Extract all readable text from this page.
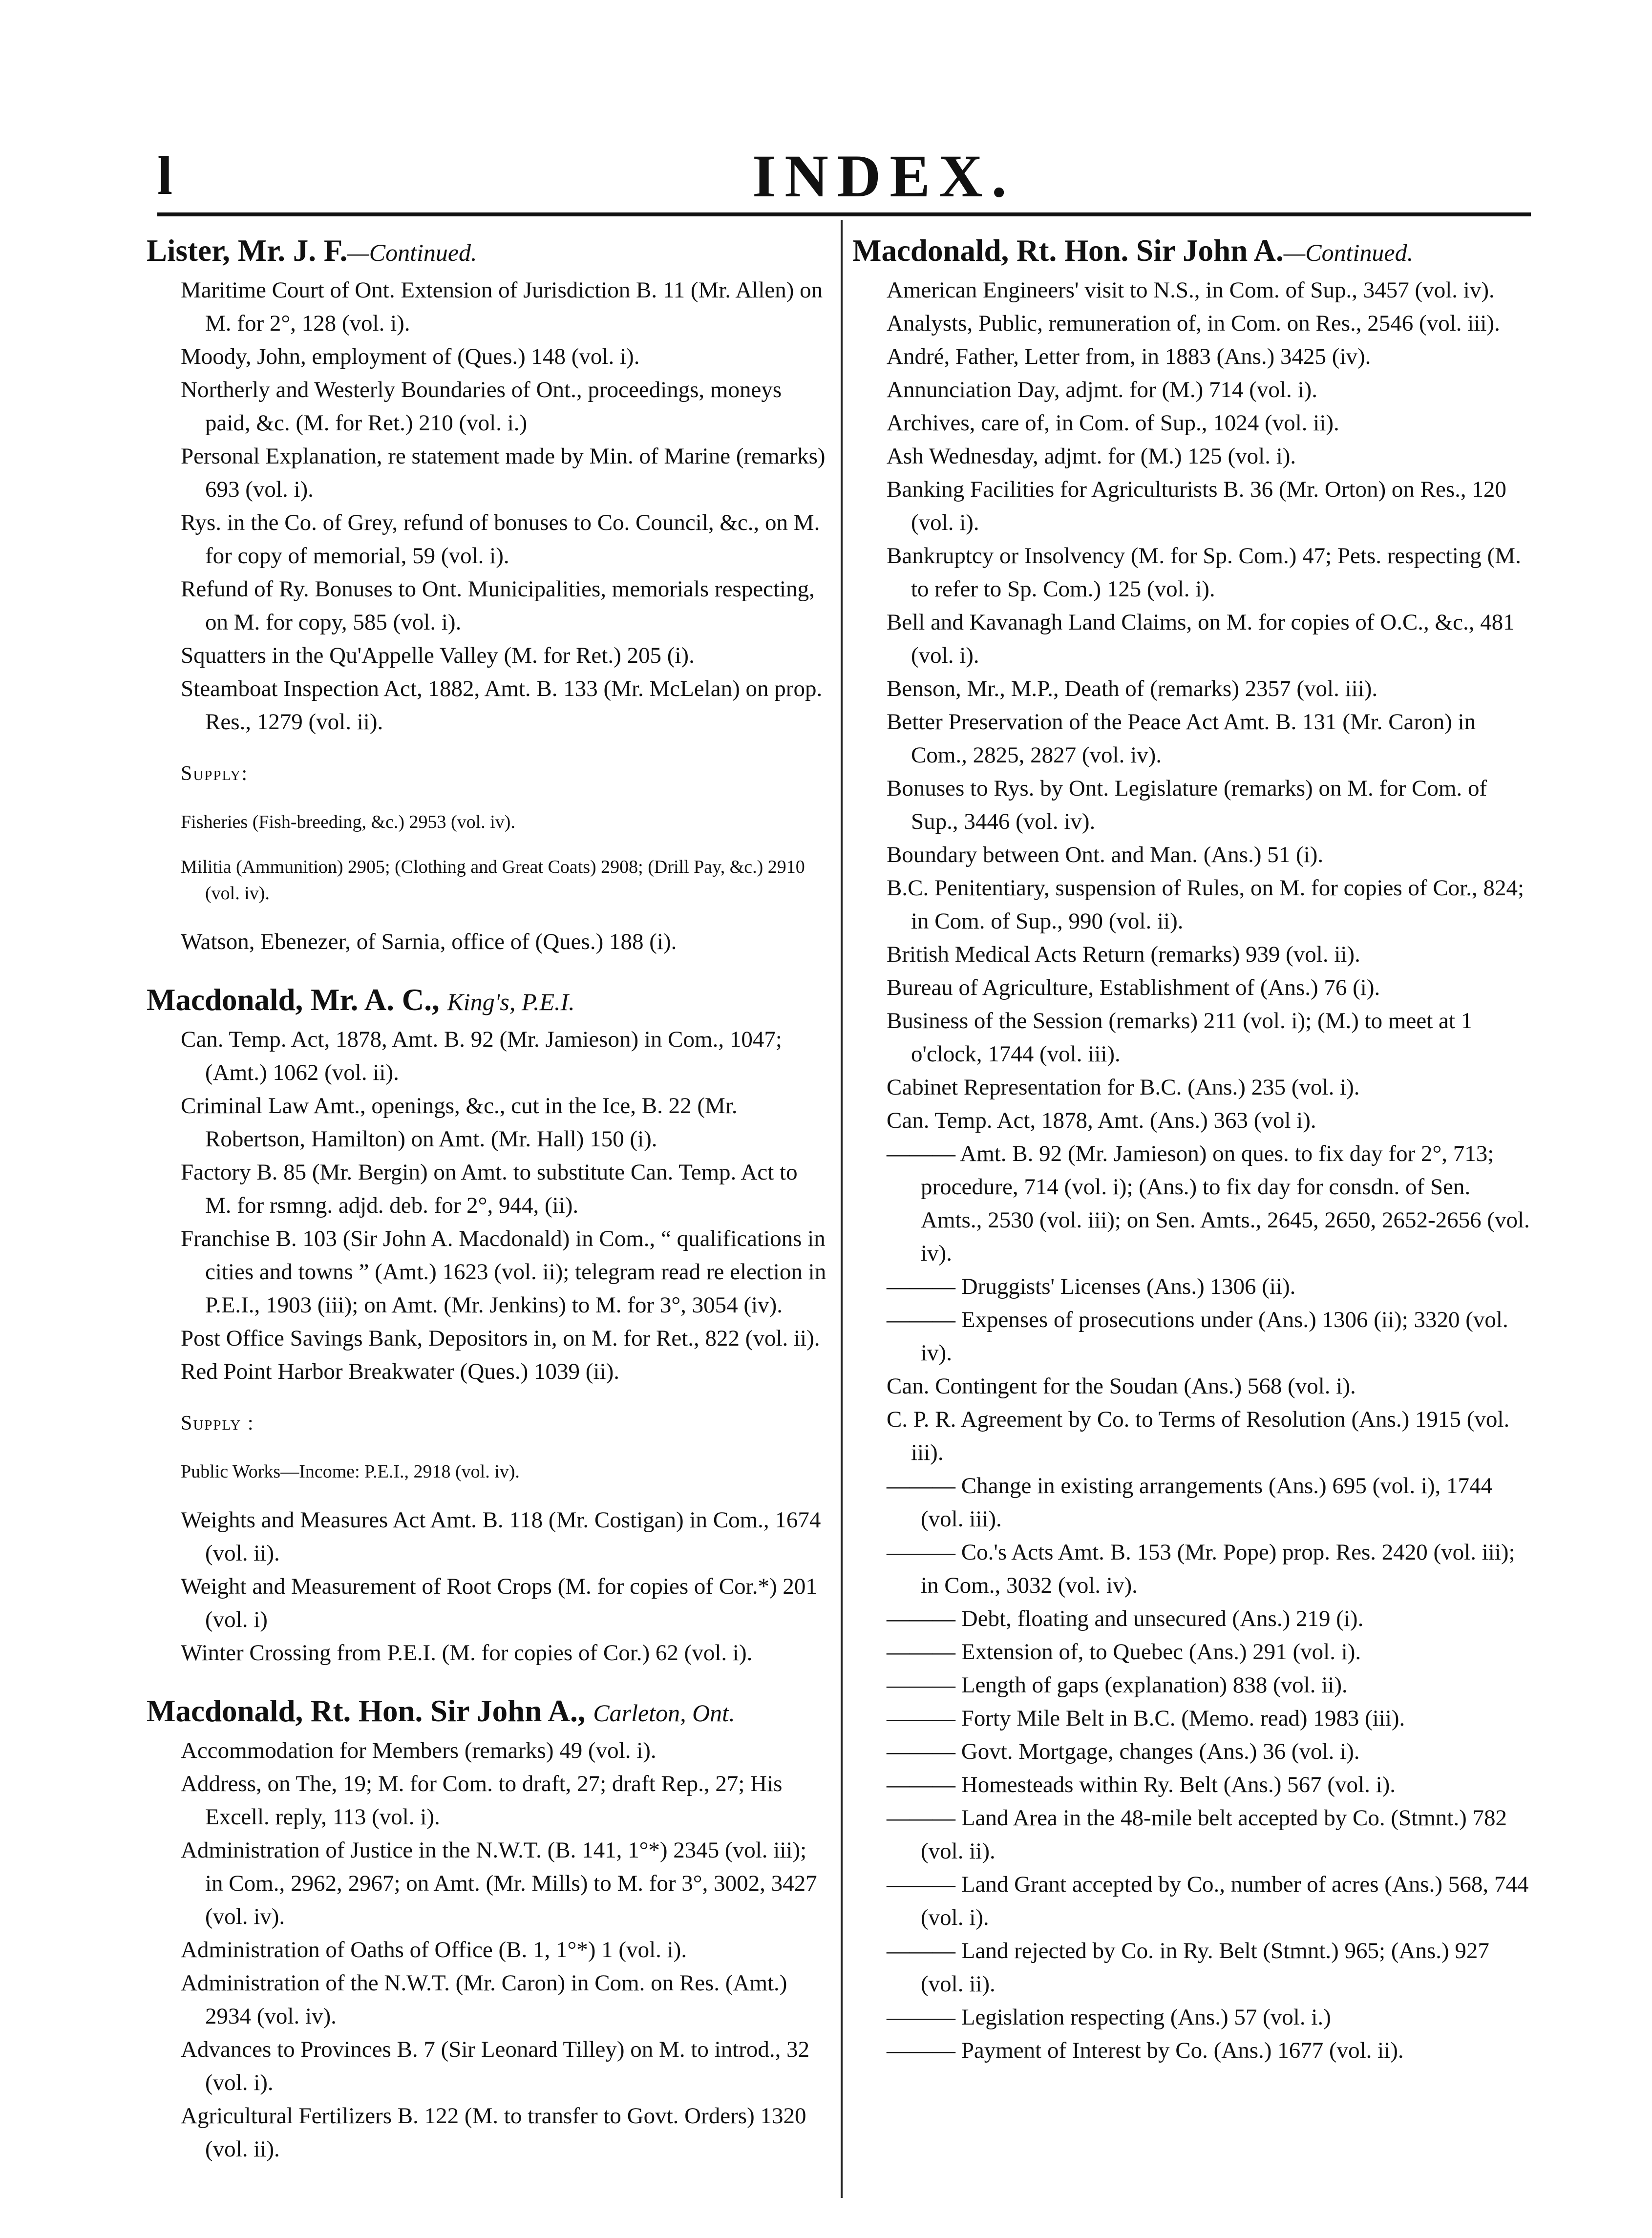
l	INDEX.

Lister, Mr. J. F.—Continued.

Maritime Court of Ont. Extension of Jurisdiction B. 11 (Mr. Allen) on M. for 2°, 128 (vol. i).

Moody, John, employment of (Ques.) 148 (vol. i).

Northerly and Westerly Boundaries of Ont., proceedings, moneys paid, &c. (M. for Ret.) 210 (vol. i.)

Personal Explanation, re statement made by Min. of Marine (remarks) 693 (vol. i).

Rys. in the Co. of Grey, refund of bonuses to Co. Council, &c., on M. for copy of memorial, 59 (vol. i).

Refund of Ry. Bonuses to Ont. Municipalities, memorials respecting, on M. for copy, 585 (vol. i).

Squatters in the Qu'Appelle Valley (M. for Ret.) 205 (i).

Steamboat Inspection Act, 1882, Amt. B. 133 (Mr. McLelan) on prop. Res., 1279 (vol. ii).

Supply:

Fisheries (Fish-breeding, &c.) 2953 (vol. iv).

Militia (Ammunition) 2905; (Clothing and Great Coats) 2908; (Drill Pay, &c.) 2910 (vol. iv).

Watson, Ebenezer, of Sarnia, office of (Ques.) 188 (i).

Macdonald, Mr. A. C., King's, P.E.I.

Can. Temp. Act, 1878, Amt. B. 92 (Mr. Jamieson) in Com., 1047; (Amt.) 1062 (vol. ii).

Criminal Law Amt., openings, &c., cut in the Ice, B. 22 (Mr. Robertson, Hamilton) on Amt. (Mr. Hall) 150 (i).

Factory B. 85 (Mr. Bergin) on Amt. to substitute Can. Temp. Act to M. for rsmng. adjd. deb. for 2°, 944, (ii).

Franchise B. 103 (Sir John A. Macdonald) in Com., “ qualifications in cities and towns ” (Amt.) 1623 (vol. ii); telegram read re election in P.E.I., 1903 (iii); on Amt. (Mr. Jenkins) to M. for 3°, 3054 (iv).

Post Office Savings Bank, Depositors in, on M. for Ret., 822 (vol. ii).

Red Point Harbor Breakwater (Ques.) 1039 (ii).

Supply :

Public Works—Income: P.E.I., 2918 (vol. iv).

Weights and Measures Act Amt. B. 118 (Mr. Costigan) in Com., 1674 (vol. ii).

Weight and Measurement of Root Crops (M. for copies of Cor.*) 201 (vol. i)

Winter Crossing from P.E.I. (M. for copies of Cor.) 62 (vol. i).

Macdonald, Rt. Hon. Sir John A., Carleton, Ont.

Accommodation for Members (remarks) 49 (vol. i).

Address, on The, 19; M. for Com. to draft, 27; draft Rep., 27; His Excell. reply, 113 (vol. i).

Administration of Justice in the N.W.T. (B. 141, 1°*) 2345 (vol. iii); in Com., 2962, 2967; on Amt. (Mr. Mills) to M. for 3°, 3002, 3427 (vol. iv).

Administration of Oaths of Office (B. 1, 1°*) 1 (vol. i).

Administration of the N.W.T. (Mr. Caron) in Com. on Res. (Amt.) 2934 (vol. iv).

Advances to Provinces B. 7 (Sir Leonard Tilley) on M. to introd., 32 (vol. i).

Agricultural Fertilizers B. 122 (M. to transfer to Govt. Orders) 1320 (vol. ii).

Macdonald, Rt. Hon. Sir John A.—Continued.

American Engineers' visit to N.S., in Com. of Sup., 3457 (vol. iv).

Analysts, Public, remuneration of, in Com. on Res., 2546 (vol. iii).

André, Father, Letter from, in 1883 (Ans.) 3425 (iv).

Annunciation Day, adjmt. for (M.) 714 (vol. i).

Archives, care of, in Com. of Sup., 1024 (vol. ii).

Ash Wednesday, adjmt. for (M.) 125 (vol. i).

Banking Facilities for Agriculturists B. 36 (Mr. Orton) on Res., 120 (vol. i).

Bankruptcy or Insolvency (M. for Sp. Com.) 47; Pets. respecting (M. to refer to Sp. Com.) 125 (vol. i).

Bell and Kavanagh Land Claims, on M. for copies of O.C., &c., 481 (vol. i).

Benson, Mr., M.P., Death of (remarks) 2357 (vol. iii).

Better Preservation of the Peace Act Amt. B. 131 (Mr. Caron) in Com., 2825, 2827 (vol. iv).

Bonuses to Rys. by Ont. Legislature (remarks) on M. for Com. of Sup., 3446 (vol. iv).

Boundary between Ont. and Man. (Ans.) 51 (i).

B.C. Penitentiary, suspension of Rules, on M. for copies of Cor., 824; in Com. of Sup., 990 (vol. ii).

British Medical Acts Return (remarks) 939 (vol. ii).

Bureau of Agriculture, Establishment of (Ans.) 76 (i).

Business of the Session (remarks) 211 (vol. i); (M.) to meet at 1 o'clock, 1744 (vol. iii).

Cabinet Representation for B.C. (Ans.) 235 (vol. i).

Can. Temp. Act, 1878, Amt. (Ans.) 363 (vol i).

——— Amt. B. 92 (Mr. Jamieson) on ques. to fix day for 2°, 713; procedure, 714 (vol. i); (Ans.) to fix day for consdn. of Sen. Amts., 2530 (vol. iii); on Sen. Amts., 2645, 2650, 2652-2656 (vol. iv).

——— Druggists' Licenses (Ans.) 1306 (ii).

——— Expenses of prosecutions under (Ans.) 1306 (ii); 3320 (vol. iv).

Can. Contingent for the Soudan (Ans.) 568 (vol. i).

C. P. R. Agreement by Co. to Terms of Resolution (Ans.) 1915 (vol. iii).

——— Change in existing arrangements (Ans.) 695 (vol. i), 1744 (vol. iii).

——— Co.'s Acts Amt. B. 153 (Mr. Pope) prop. Res. 2420 (vol. iii); in Com., 3032 (vol. iv).

——— Debt, floating and unsecured (Ans.) 219 (i).

——— Extension of, to Quebec (Ans.) 291 (vol. i).

——— Length of gaps (explanation) 838 (vol. ii).

——— Forty Mile Belt in B.C. (Memo. read) 1983 (iii).

——— Govt. Mortgage, changes (Ans.) 36 (vol. i).

——— Homesteads within Ry. Belt (Ans.) 567 (vol. i).

——— Land Area in the 48-mile belt accepted by Co. (Stmnt.) 782 (vol. ii).

——— Land Grant accepted by Co., number of acres (Ans.) 568, 744 (vol. i).

——— Land rejected by Co. in Ry. Belt (Stmnt.) 965; (Ans.) 927 (vol. ii).

——— Legislation respecting (Ans.) 57 (vol. i.)

——— Payment of Interest by Co. (Ans.) 1677 (vol. ii).
